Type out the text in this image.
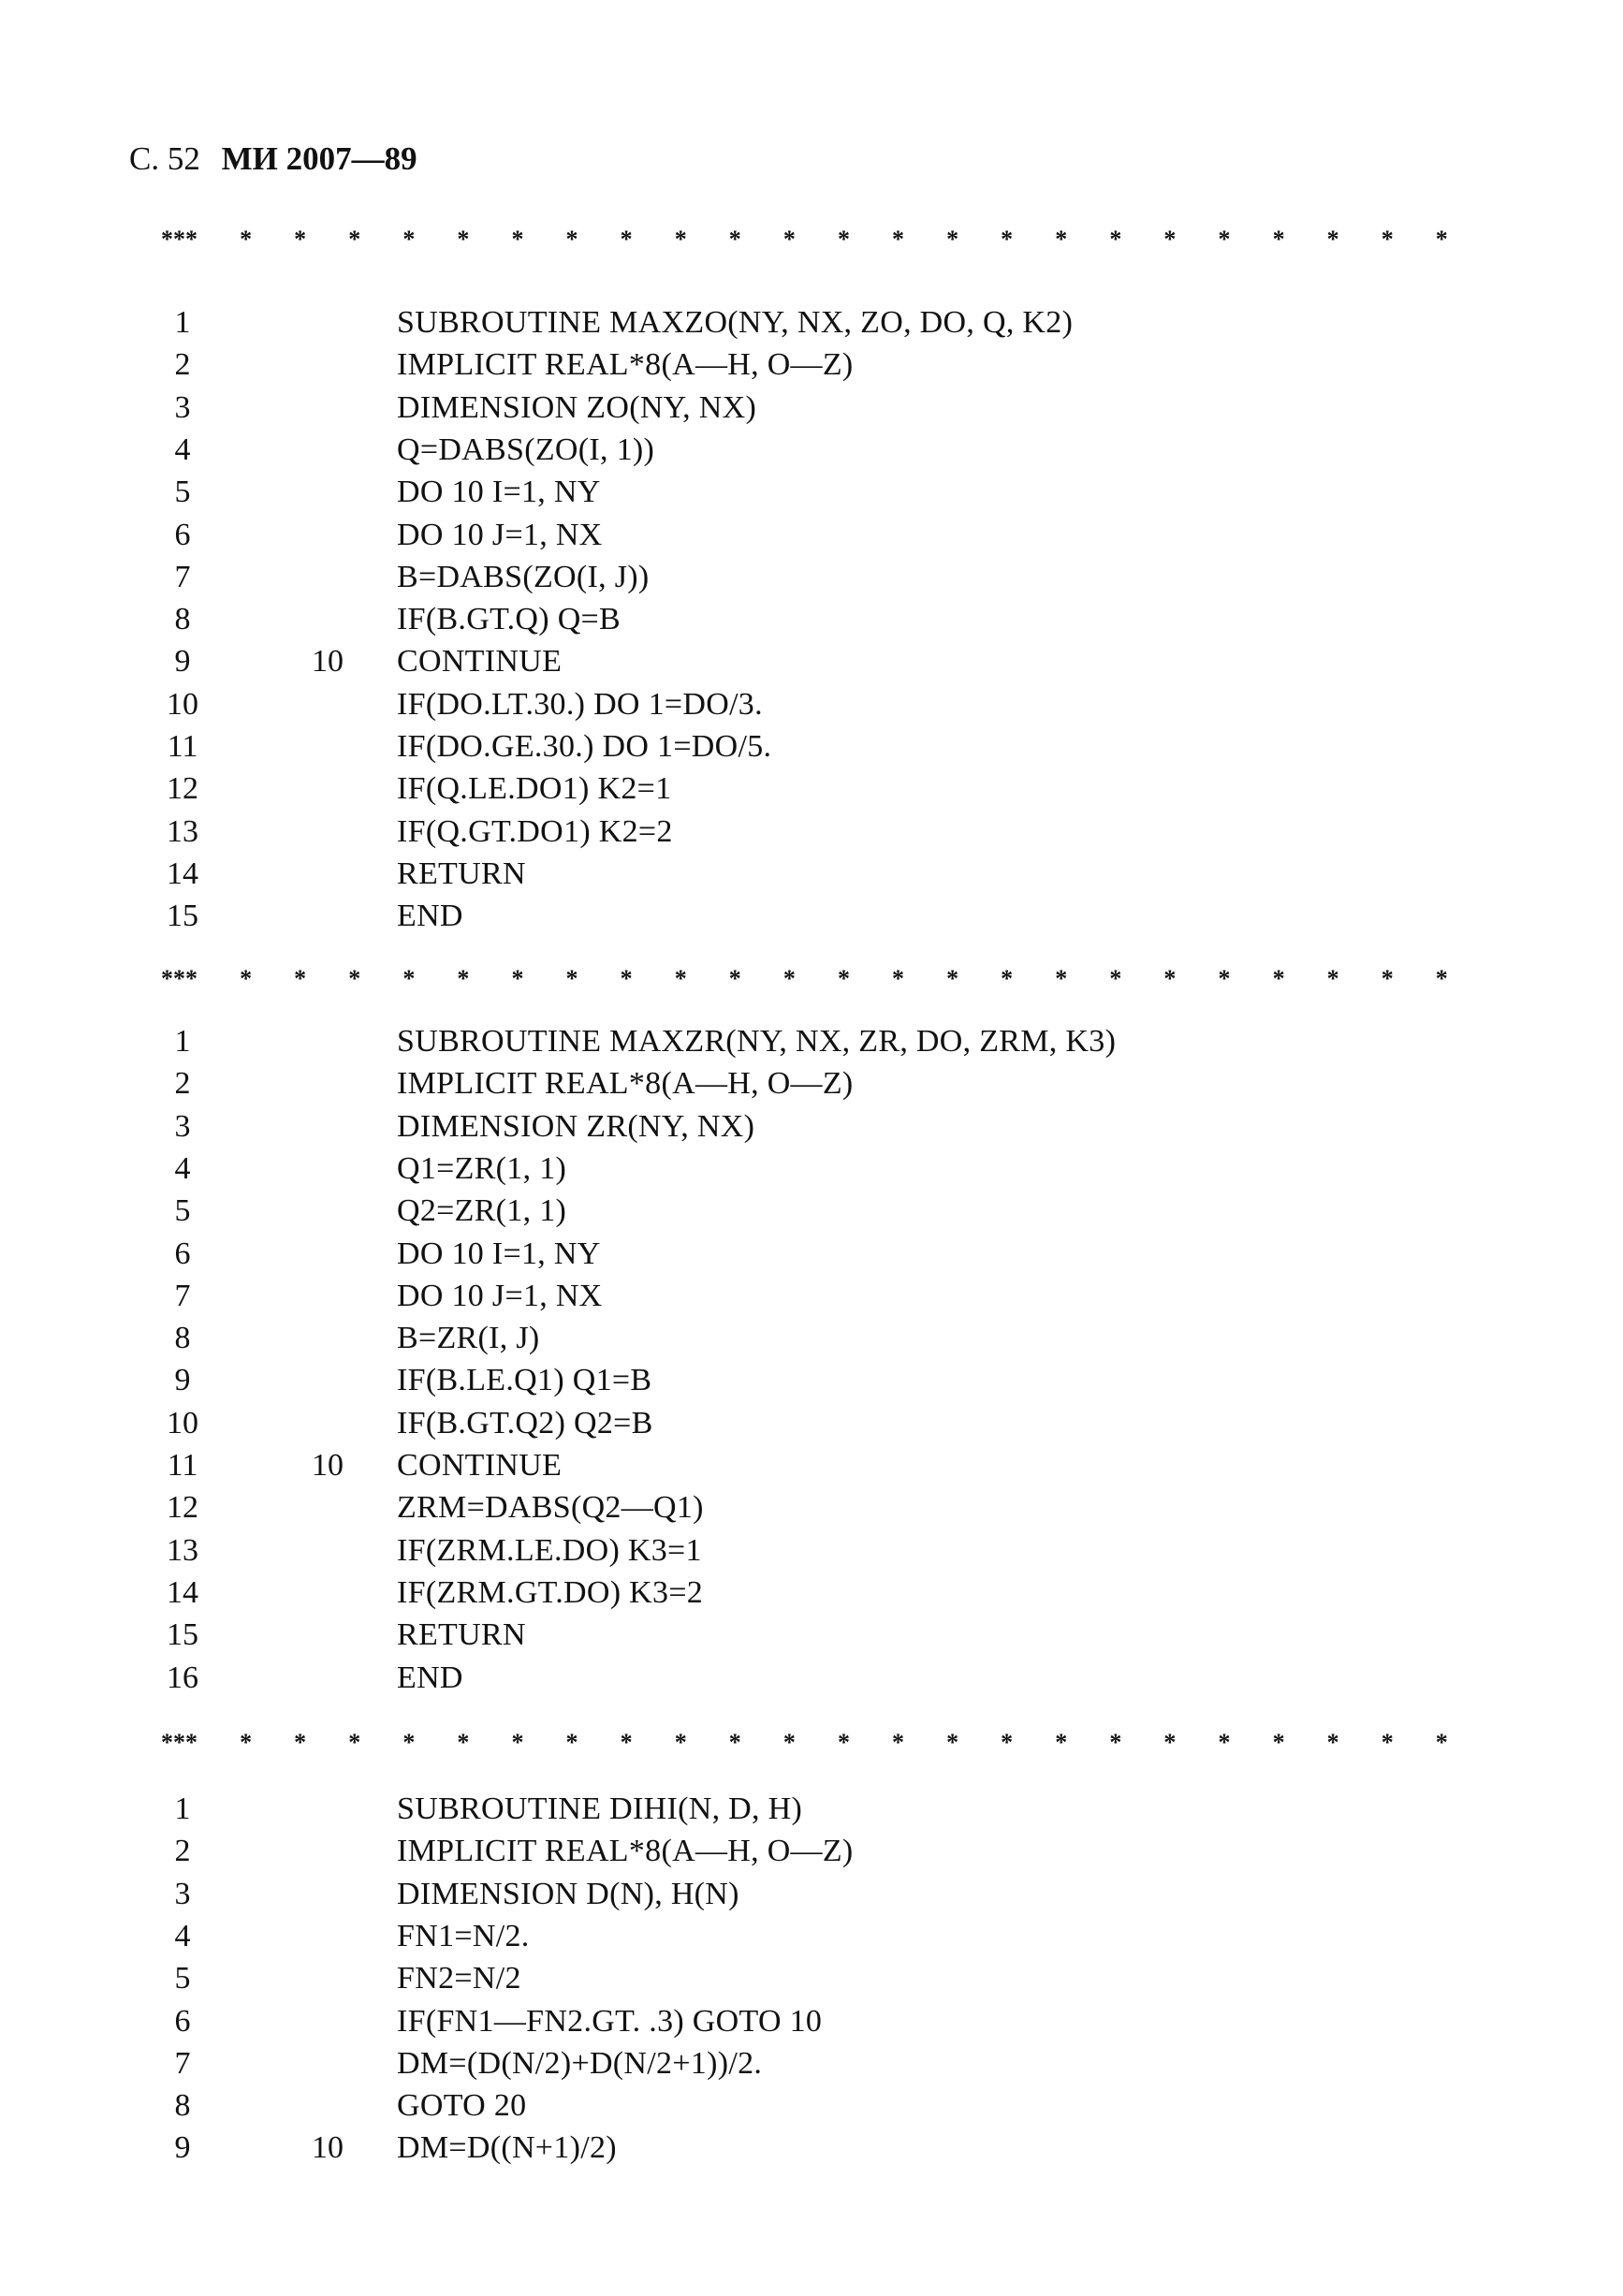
С. 52 МИ 2007—89
*** * * * * * * * * * * * * * * * * * * * * * * *
1	SUBROUTINE MAXZO(NY, NX, ZO, DO, Q, K2)
2	IMPLICIT REAL*8(A—H, O—Z)
3	DIMENSION ZO(NY, NX)
4	Q=DABS(ZO(I, 1))
5	DO 10 I=1, NY
6	DO 10 J=1, NX
7	B=DABS(ZO(I, J))
8	IF(B.GT.Q) Q=B
9	10	CONTINUE
10	IF(DO.LT.30.) DO 1=DO/3.
11	IF(DO.GE.30.) DO 1=DO/5.
12	IF(Q.LE.DO1) K2=1
13	IF(Q.GT.DO1) K2=2
14	RETURN
15	END
*** * * * * * * * * * * * * * * * * * * * * * * *
1	SUBROUTINE MAXZR(NY, NX, ZR, DO, ZRM, K3)
2	IMPLICIT REAL*8(A—H, O—Z)
3	DIMENSION ZR(NY, NX)
4	Q1=ZR(1, 1)
5	Q2=ZR(1, 1)
6	DO 10 I=1, NY
7	DO 10 J=1, NX
8	B=ZR(I, J)
9	IF(B.LE.Q1) Q1=B
10	IF(B.GT.Q2) Q2=B
11	10	CONTINUE
12	ZRM=DABS(Q2—Q1)
13	IF(ZRM.LE.DO) K3=1
14	IF(ZRM.GT.DO) K3=2
15	RETURN
16	END
*** * * * * * * * * * * * * * * * * * * * * * * *
1	SUBROUTINE DIHI(N, D, H)
2	IMPLICIT REAL*8(A—H, O—Z)
3	DIMENSION D(N), H(N)
4	FN1=N/2.
5	FN2=N/2
6	IF(FN1—FN2.GT. .3) GOTO 10
7	DM=(D(N/2)+D(N/2+1))/2.
8	GOTO 20
9	10	DM=D((N+1)/2)
